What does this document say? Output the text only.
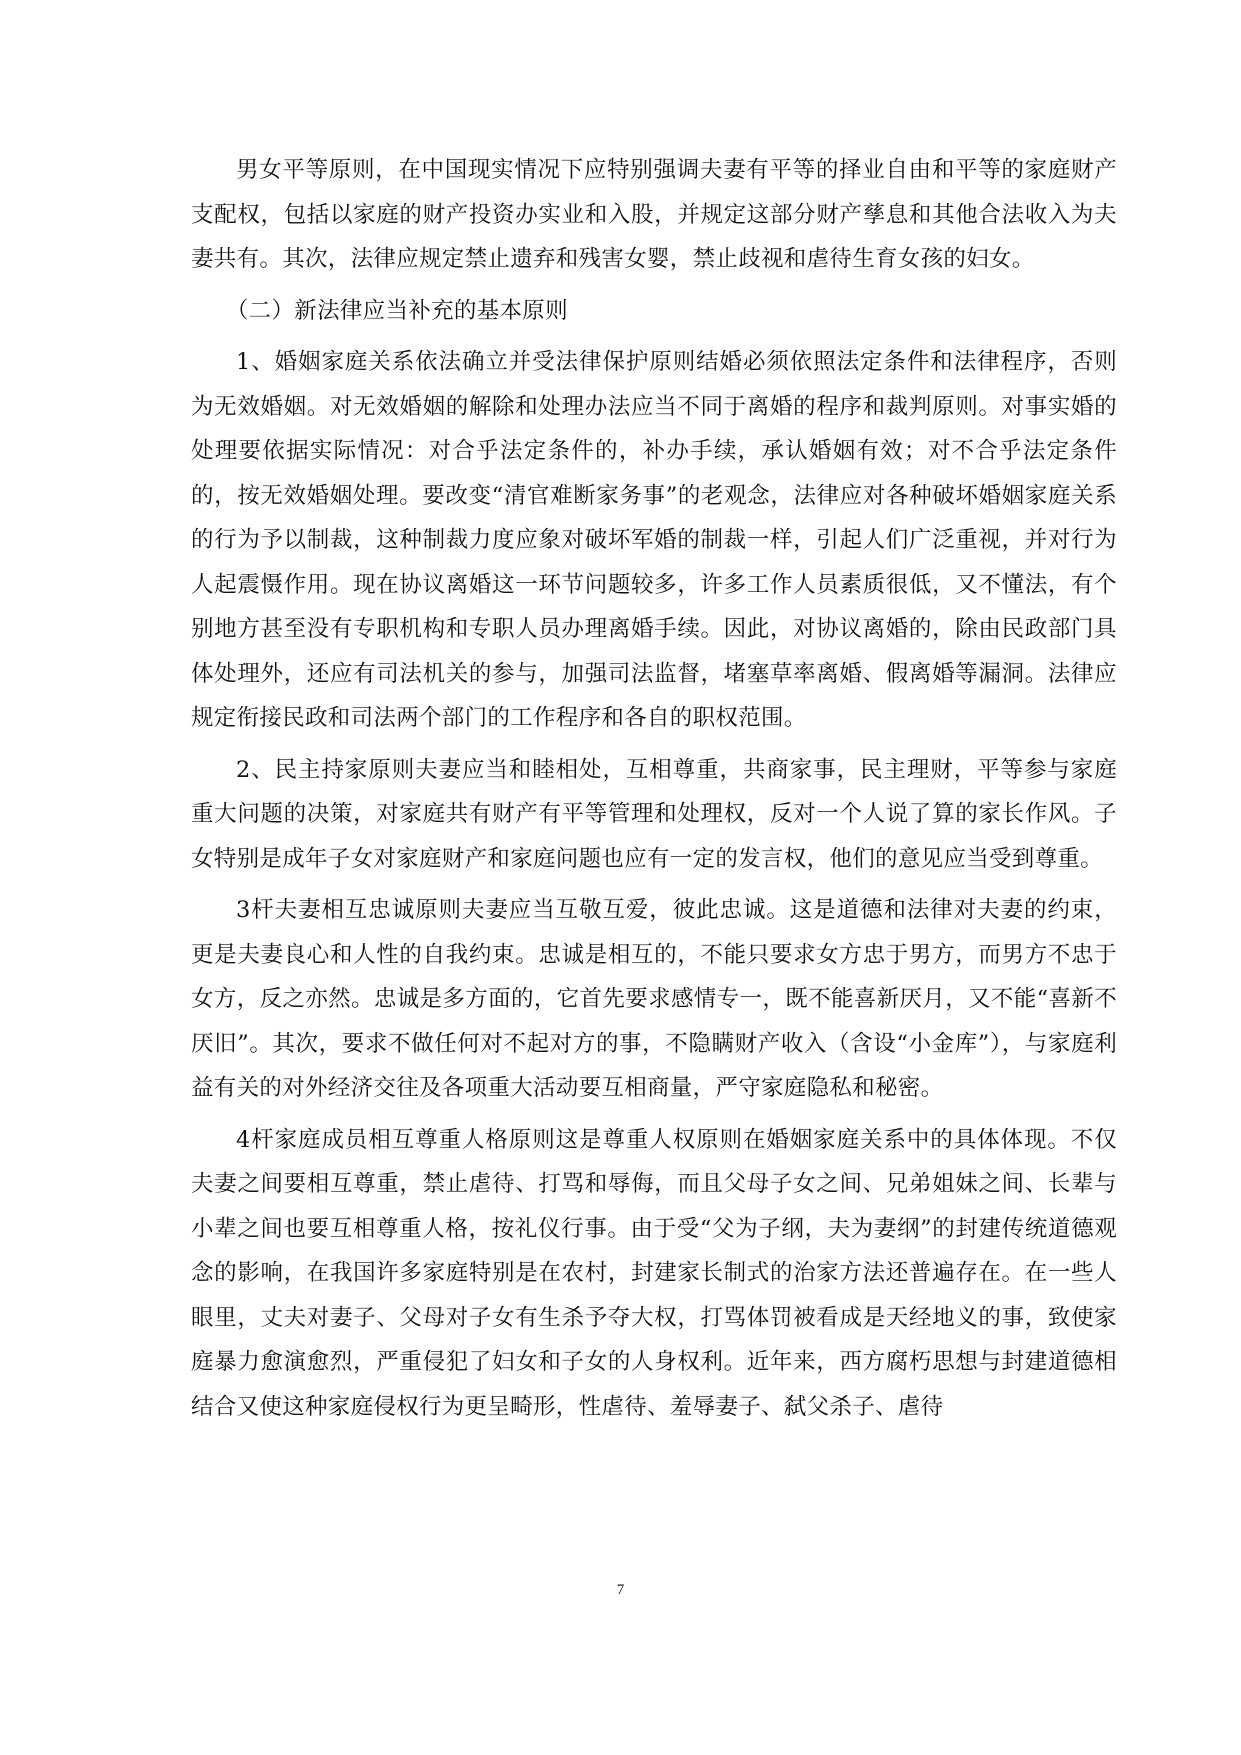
男女平等原则，在中国现实情况下应特别强调夫妻有平等的择业自由和平等的家庭财产支配权，包括以家庭的财产投资办实业和入股，并规定这部分财产孳息和其他合法收入为夫妻共有。其次，法律应规定禁止遗弃和残害女婴，禁止歧视和虐待生育女孩的妇女。

（二）新法律应当补充的基本原则

1、婚姻家庭关系依法确立并受法律保护原则结婚必须依照法定条件和法律程序，否则为无效婚姻。对无效婚姻的解除和处理办法应当不同于离婚的程序和裁判原则。对事实婚的处理要依据实际情况：对合乎法定条件的，补办手续，承认婚姻有效；对不合乎法定条件的，按无效婚姻处理。要改变“清官难断家务事”的老观念，法律应对各种破坏婚姻家庭关系的行为予以制裁，这种制裁力度应象对破坏军婚的制裁一样，引起人们广泛重视，并对行为人起震慑作用。现在协议离婚这一环节问题较多，许多工作人员素质很低，又不懂法，有个别地方甚至没有专职机构和专职人员办理离婚手续。因此，对协议离婚的，除由民政部门具体处理外，还应有司法机关的参与，加强司法监督，堵塞草率离婚、假离婚等漏洞。法律应规定衔接民政和司法两个部门的工作程序和各自的职权范围。

2、民主持家原则夫妻应当和睦相处，互相尊重，共商家事，民主理财，平等参与家庭重大问题的决策，对家庭共有财产有平等管理和处理权，反对一个人说了算的家长作风。子女特别是成年子女对家庭财产和家庭问题也应有一定的发言权，他们的意见应当受到尊重。

3杆夫妻相互忠诚原则夫妻应当互敬互爱，彼此忠诚。这是道德和法律对夫妻的约束，更是夫妻良心和人性的自我约束。忠诚是相互的，不能只要求女方忠于男方，而男方不忠于女方，反之亦然。忠诚是多方面的，它首先要求感情专一，既不能喜新厌月，又不能“喜新不厌旧”。其次，要求不做任何对不起对方的事，不隐瞒财产收入（含设“小金库”），与家庭利益有关的对外经济交往及各项重大活动要互相商量，严守家庭隐私和秘密。

4杆家庭成员相互尊重人格原则这是尊重人权原则在婚姻家庭关系中的具体体现。不仅夫妻之间要相互尊重，禁止虐待、打骂和辱侮，而且父母子女之间、兄弟姐妹之间、长辈与小辈之间也要互相尊重人格，按礼仪行事。由于受“父为子纲，夫为妻纲”的封建传统道德观念的影响，在我国许多家庭特别是在农村，封建家长制式的治家方法还普遍存在。在一些人眼里，丈夫对妻子、父母对子女有生杀予夺大权，打骂体罚被看成是天经地义的事，致使家庭暴力愈演愈烈，严重侵犯了妇女和子女的人身权利。近年来，西方腐朽思想与封建道德相结合又使这种家庭侵权行为更呈畸形，性虐待、羞辱妻子、弑父杀子、虐待

7
